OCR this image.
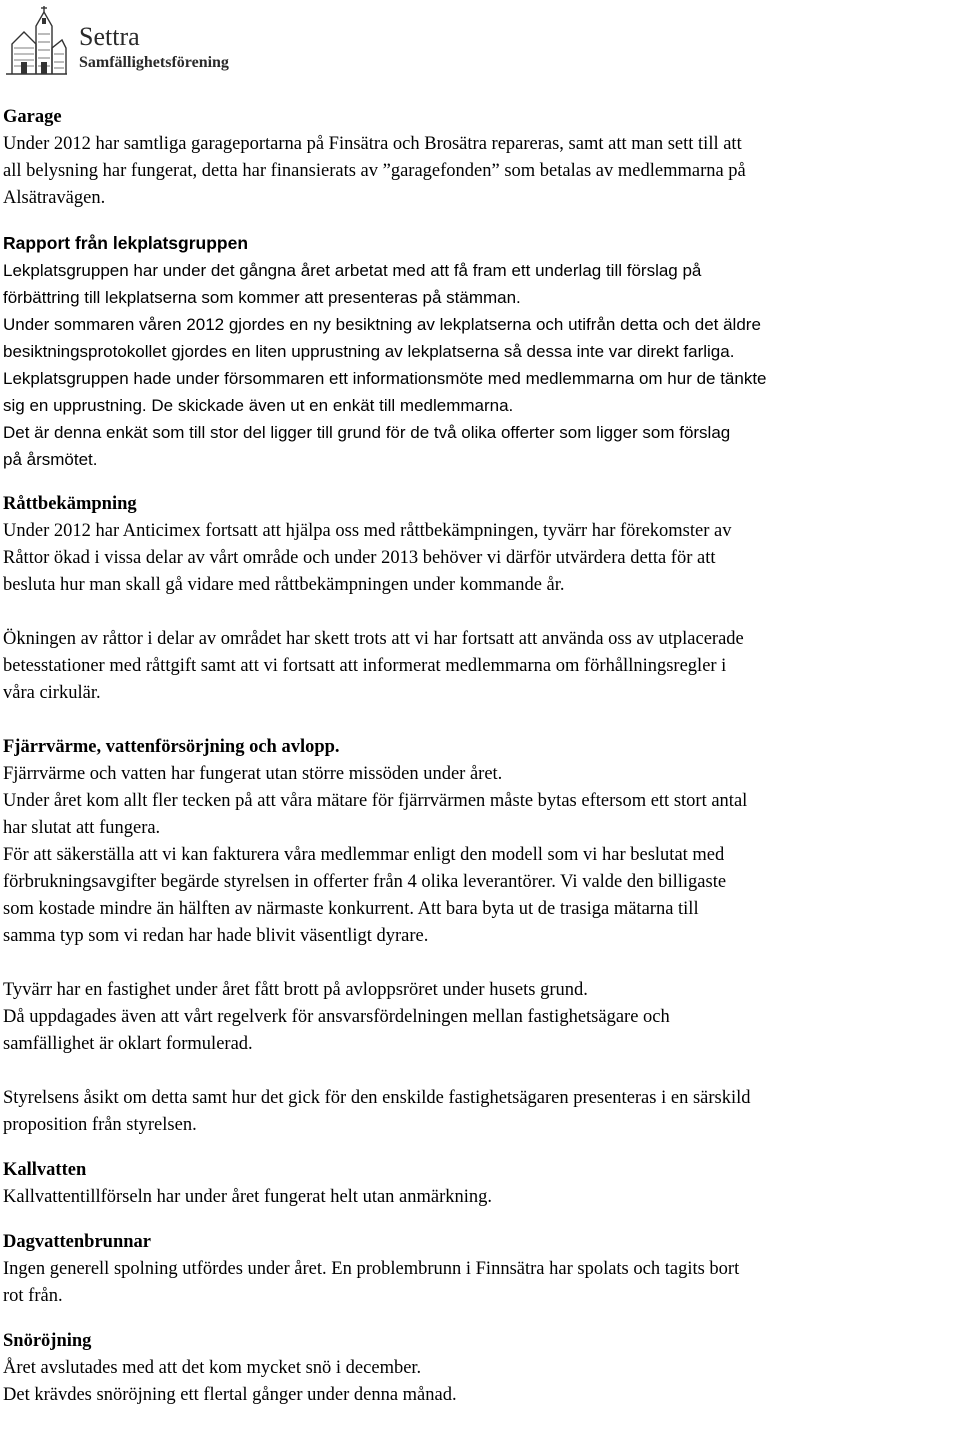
Settra
Samfällighetsförening
Garage
Under 2012 har samtliga garageportarna på Finsätra och Brosätra repareras, samt att man sett till att
all belysning har fungerat, detta har finansierats av ”garagefonden” som betalas av medlemmarna på
Alsätravägen.
Rapport från lekplatsgruppen
Lekplatsgruppen har under det gångna året arbetat med att få fram ett underlag till förslag på
förbättring till lekplatserna som kommer att presenteras på stämman.
Under sommaren våren 2012 gjordes en ny besiktning av lekplatserna och utifrån detta och det äldre
besiktningsprotokollet gjordes en liten upprustning av lekplatserna så dessa inte var direkt farliga.
Lekplatsgruppen hade under försommaren ett informationsmöte med medlemmarna om hur de tänkte
sig en upprustning. De skickade även ut en enkät till medlemmarna.
Det är denna enkät som till stor del ligger till grund för de två olika offerter som ligger som förslag
på årsmötet.
Råttbekämpning
Under 2012 har Anticimex fortsatt att hjälpa oss med råttbekämpningen, tyvärr har förekomster av
Råttor ökad i vissa delar av vårt område och under 2013 behöver vi därför utvärdera detta för att
besluta hur man skall gå vidare med råttbekämpningen under kommande år.
Ökningen av råttor i delar av området har skett trots att vi har fortsatt att använda oss av utplacerade
betesstationer med råttgift samt att vi fortsatt att informerat medlemmarna om förhållningsregler i
våra cirkulär.
Fjärrvärme, vattenförsörjning och avlopp.
Fjärrvärme och vatten har fungerat utan större missöden under året.
Under året kom allt fler tecken på att våra mätare för fjärrvärmen måste bytas eftersom ett stort antal
har slutat att fungera.
För att säkerställa att vi kan fakturera våra medlemmar enligt den modell som vi har beslutat med
förbrukningsavgifter begärde styrelsen in offerter från 4 olika leverantörer. Vi valde den billigaste
som kostade mindre än hälften av närmaste konkurrent. Att bara byta ut de trasiga mätarna till
samma typ som vi redan har hade blivit väsentligt dyrare.
Tyvärr har en fastighet under året fått brott på avloppsröret under husets grund.
Då uppdagades även att vårt regelverk för ansvarsfördelningen mellan fastighetsägare och
samfällighet är oklart formulerad.
Styrelsens åsikt om detta samt hur det gick för den enskilde fastighetsägaren presenteras i en särskild
proposition från styrelsen.
Kallvatten
Kallvattentillförseln har under året fungerat helt utan anmärkning.
Dagvattenbrunnar
Ingen generell spolning utfördes under året. En problembrunn i Finnsätra har spolats och tagits bort
rot från.
Snöröjning
Året avslutades med att det kom mycket snö i december.
Det krävdes snöröjning ett flertal gånger under denna månad.
